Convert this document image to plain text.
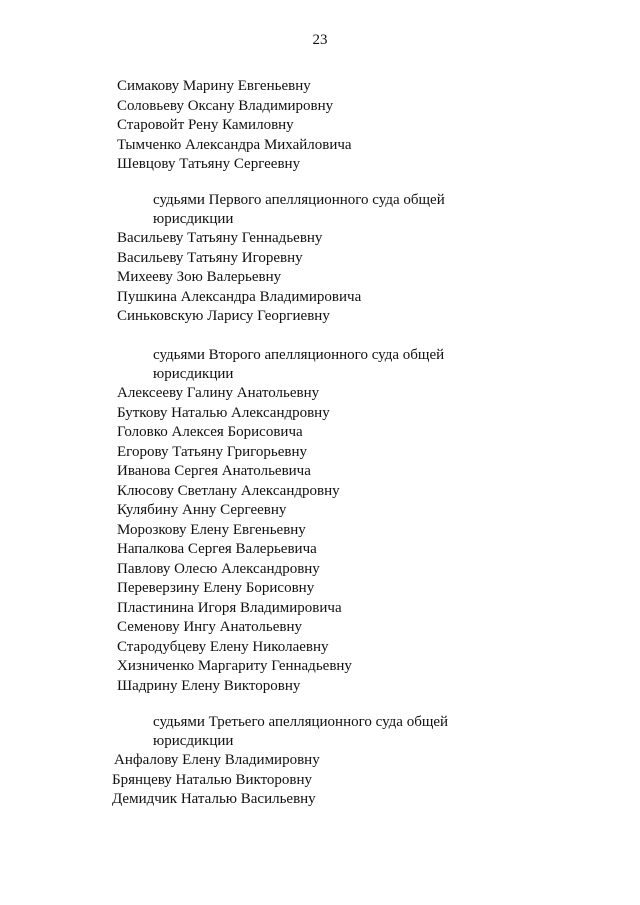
23
Симакову Марину Евгеньевну
Соловьеву Оксану Владимировну
Старовойт Рену Камиловну
Тымченко Александра Михайловича
Шевцову Татьяну Сергеевну
судьями Первого апелляционного суда общей юрисдикции
Васильеву Татьяну Геннадьевну
Васильеву Татьяну Игоревну
Михееву Зою Валерьевну
Пушкина Александра Владимировича
Синьковскую Ларису Георгиевну
судьями Второго апелляционного суда общей юрисдикции
Алексееву Галину Анатольевну
Буткову Наталью Александровну
Головко Алексея Борисовича
Егорову Татьяну Григорьевну
Иванова Сергея Анатольевича
Клюсову Светлану Александровну
Кулябину Анну Сергеевну
Морозкову Елену Евгеньевну
Напалкова Сергея Валерьевича
Павлову Олесю Александровну
Переверзину Елену Борисовну
Пластинина Игоря Владимировича
Семенову Ингу Анатольевну
Стародубцеву Елену Николаевну
Хизниченко Маргариту Геннадьевну
Шадрину Елену Викторовну
судьями Третьего апелляционного суда общей юрисдикции
Анфалову Елену Владимировну
Брянцеву Наталью Викторовну
Демидчик Наталью Васильевну
